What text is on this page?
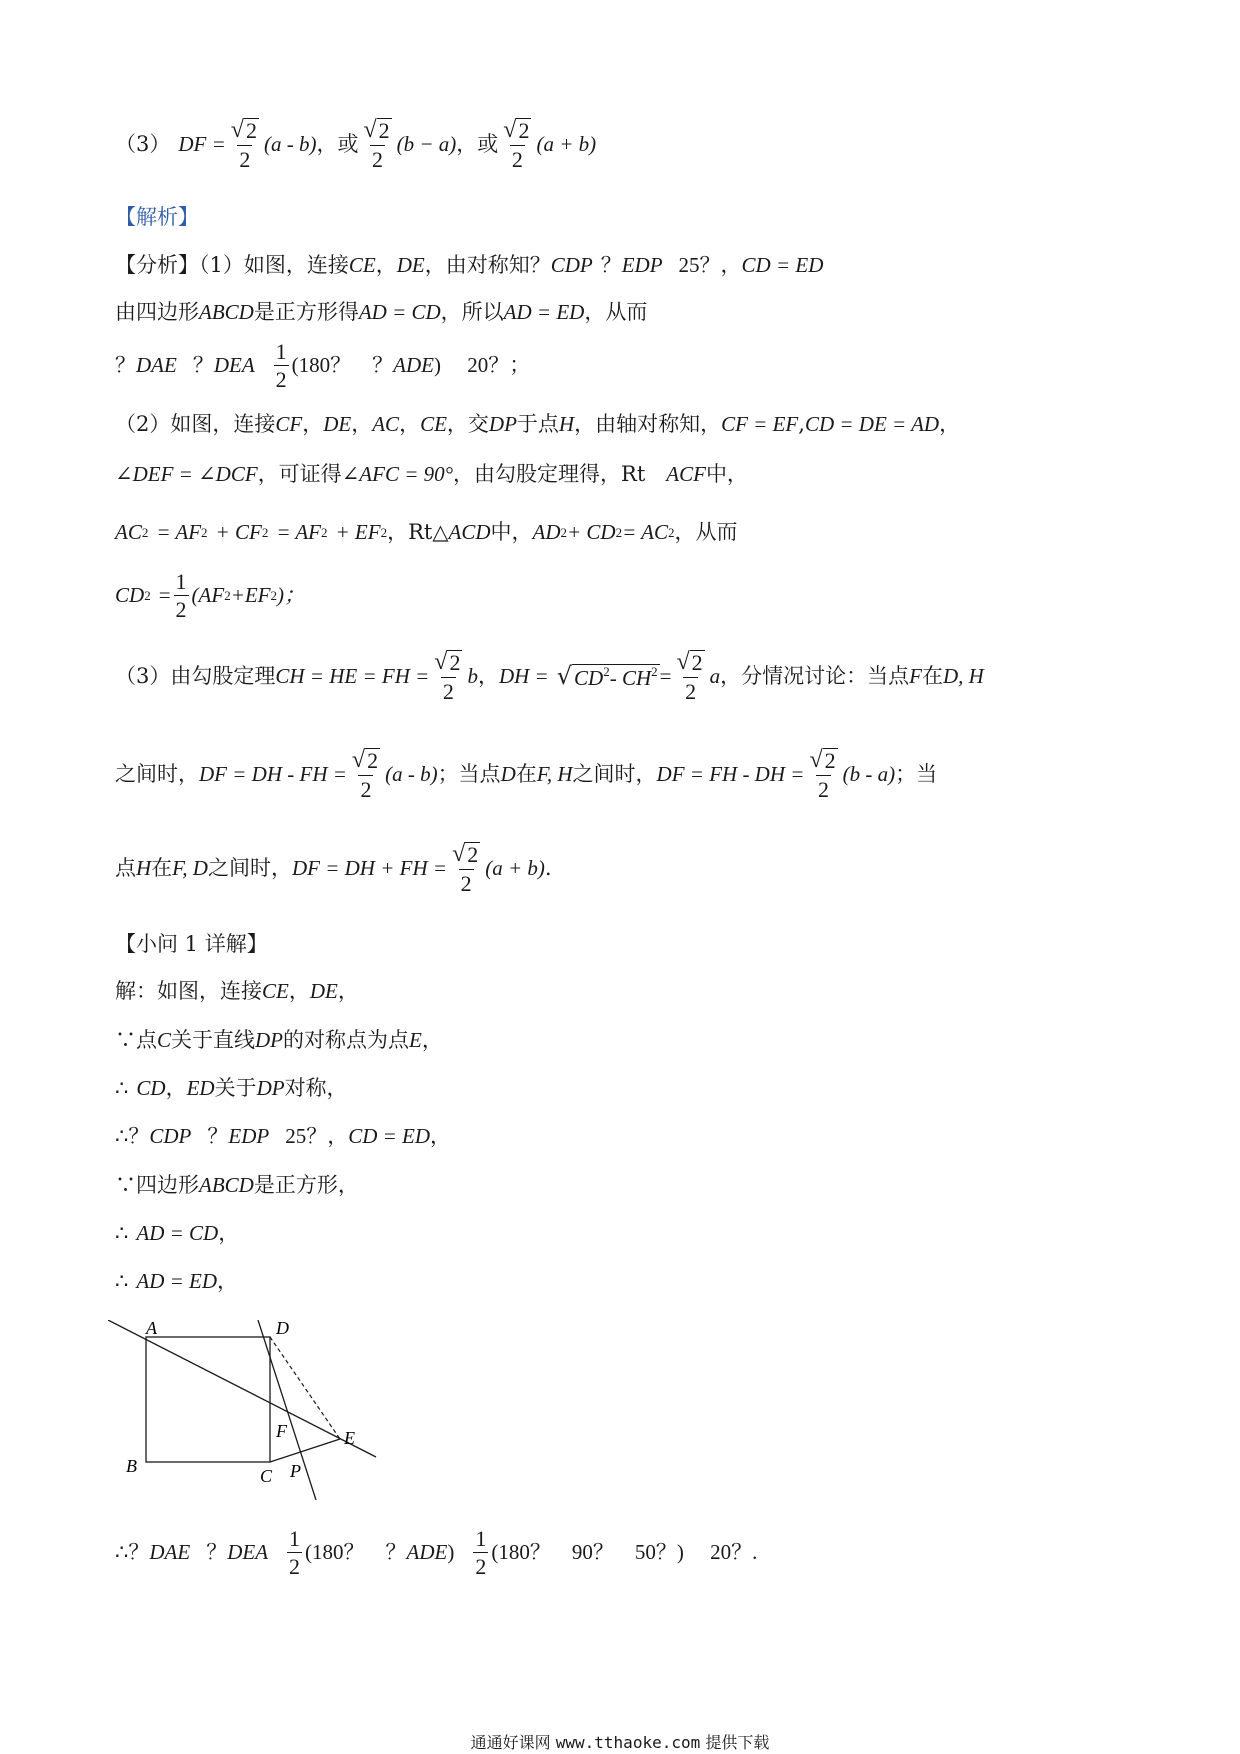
（3） DF = $\frac{√ 2}{2} (a - b)$ ，或 $\frac{√ 2}{2} (b - a)$ ，或 $\frac{√ 2}{2} (a + b)$
【解析】
【分析】（1）如图，连接 CE ， DE ，由对称知？ CDP ？ EDP 25？， CD = ED
由四边形 ABCD 是正方形得 AD = CD ，所以 AD = ED ，从而
？ DAE ？ DEA $\frac{1}{2} (180$？　？ ADE )　 20？；
（2）如图，连接 CF ， DE ， AC ， CE ，交 DP 于点 H ，由轴对称知， CF = EF , CD = DE = AD ，
∠DEF = ∠DCF ，可证得 ∠AFC = 90° ，由勾股定理得，Rt　 ACF 中，
AC 2 = AF 2 + CF 2 = AF 2 + EF 2 ，Rt△ ACD 中， AD 2 + CD 2 = AC 2 ，从而
CD $2 = \frac{1}{2} (AF$ 2 +EF 2 )；
（3）由勾股定理 CH = HE = FH = $\frac{√ 2}{2}$ b ， DH = √ $CD^2-$ $CH^2 = \frac{√ 2}{2}$ a ，分情况讨论：当点 F 在 D, H
之间时， DF = DH - FH = $\frac{√ 2}{2} (a - b)$ ；当点 D 在 F, H 之间时， DF = FH - DH = $\frac{√ 2}{2} (b - a)$ ；当
点 H 在 F, D 之间时， DF = DH + FH = $\frac{√ 2}{2} (a + b)$ .
【小问 1 详解】
解：如图，连接 CE ， DE ，
∵点 C 关于直线 DP 的对称点为点 E ，
∴ CD ， ED 关于 DP 对称，
∴？ CDP ？ EDP 25？， CD = ED ，
∵四边形 ABCD 是正方形，
∴ AD = CD ，
∴ AD = ED ，
A
B	C
D
E
F
P
∴？ DAE ？ DEA $\frac{1}{2} (180$？　？ ADE ) $\frac{1}{2} (180$？　90？　50？)　 20？.
通通好课网 www.tthaoke.com 提供下载
